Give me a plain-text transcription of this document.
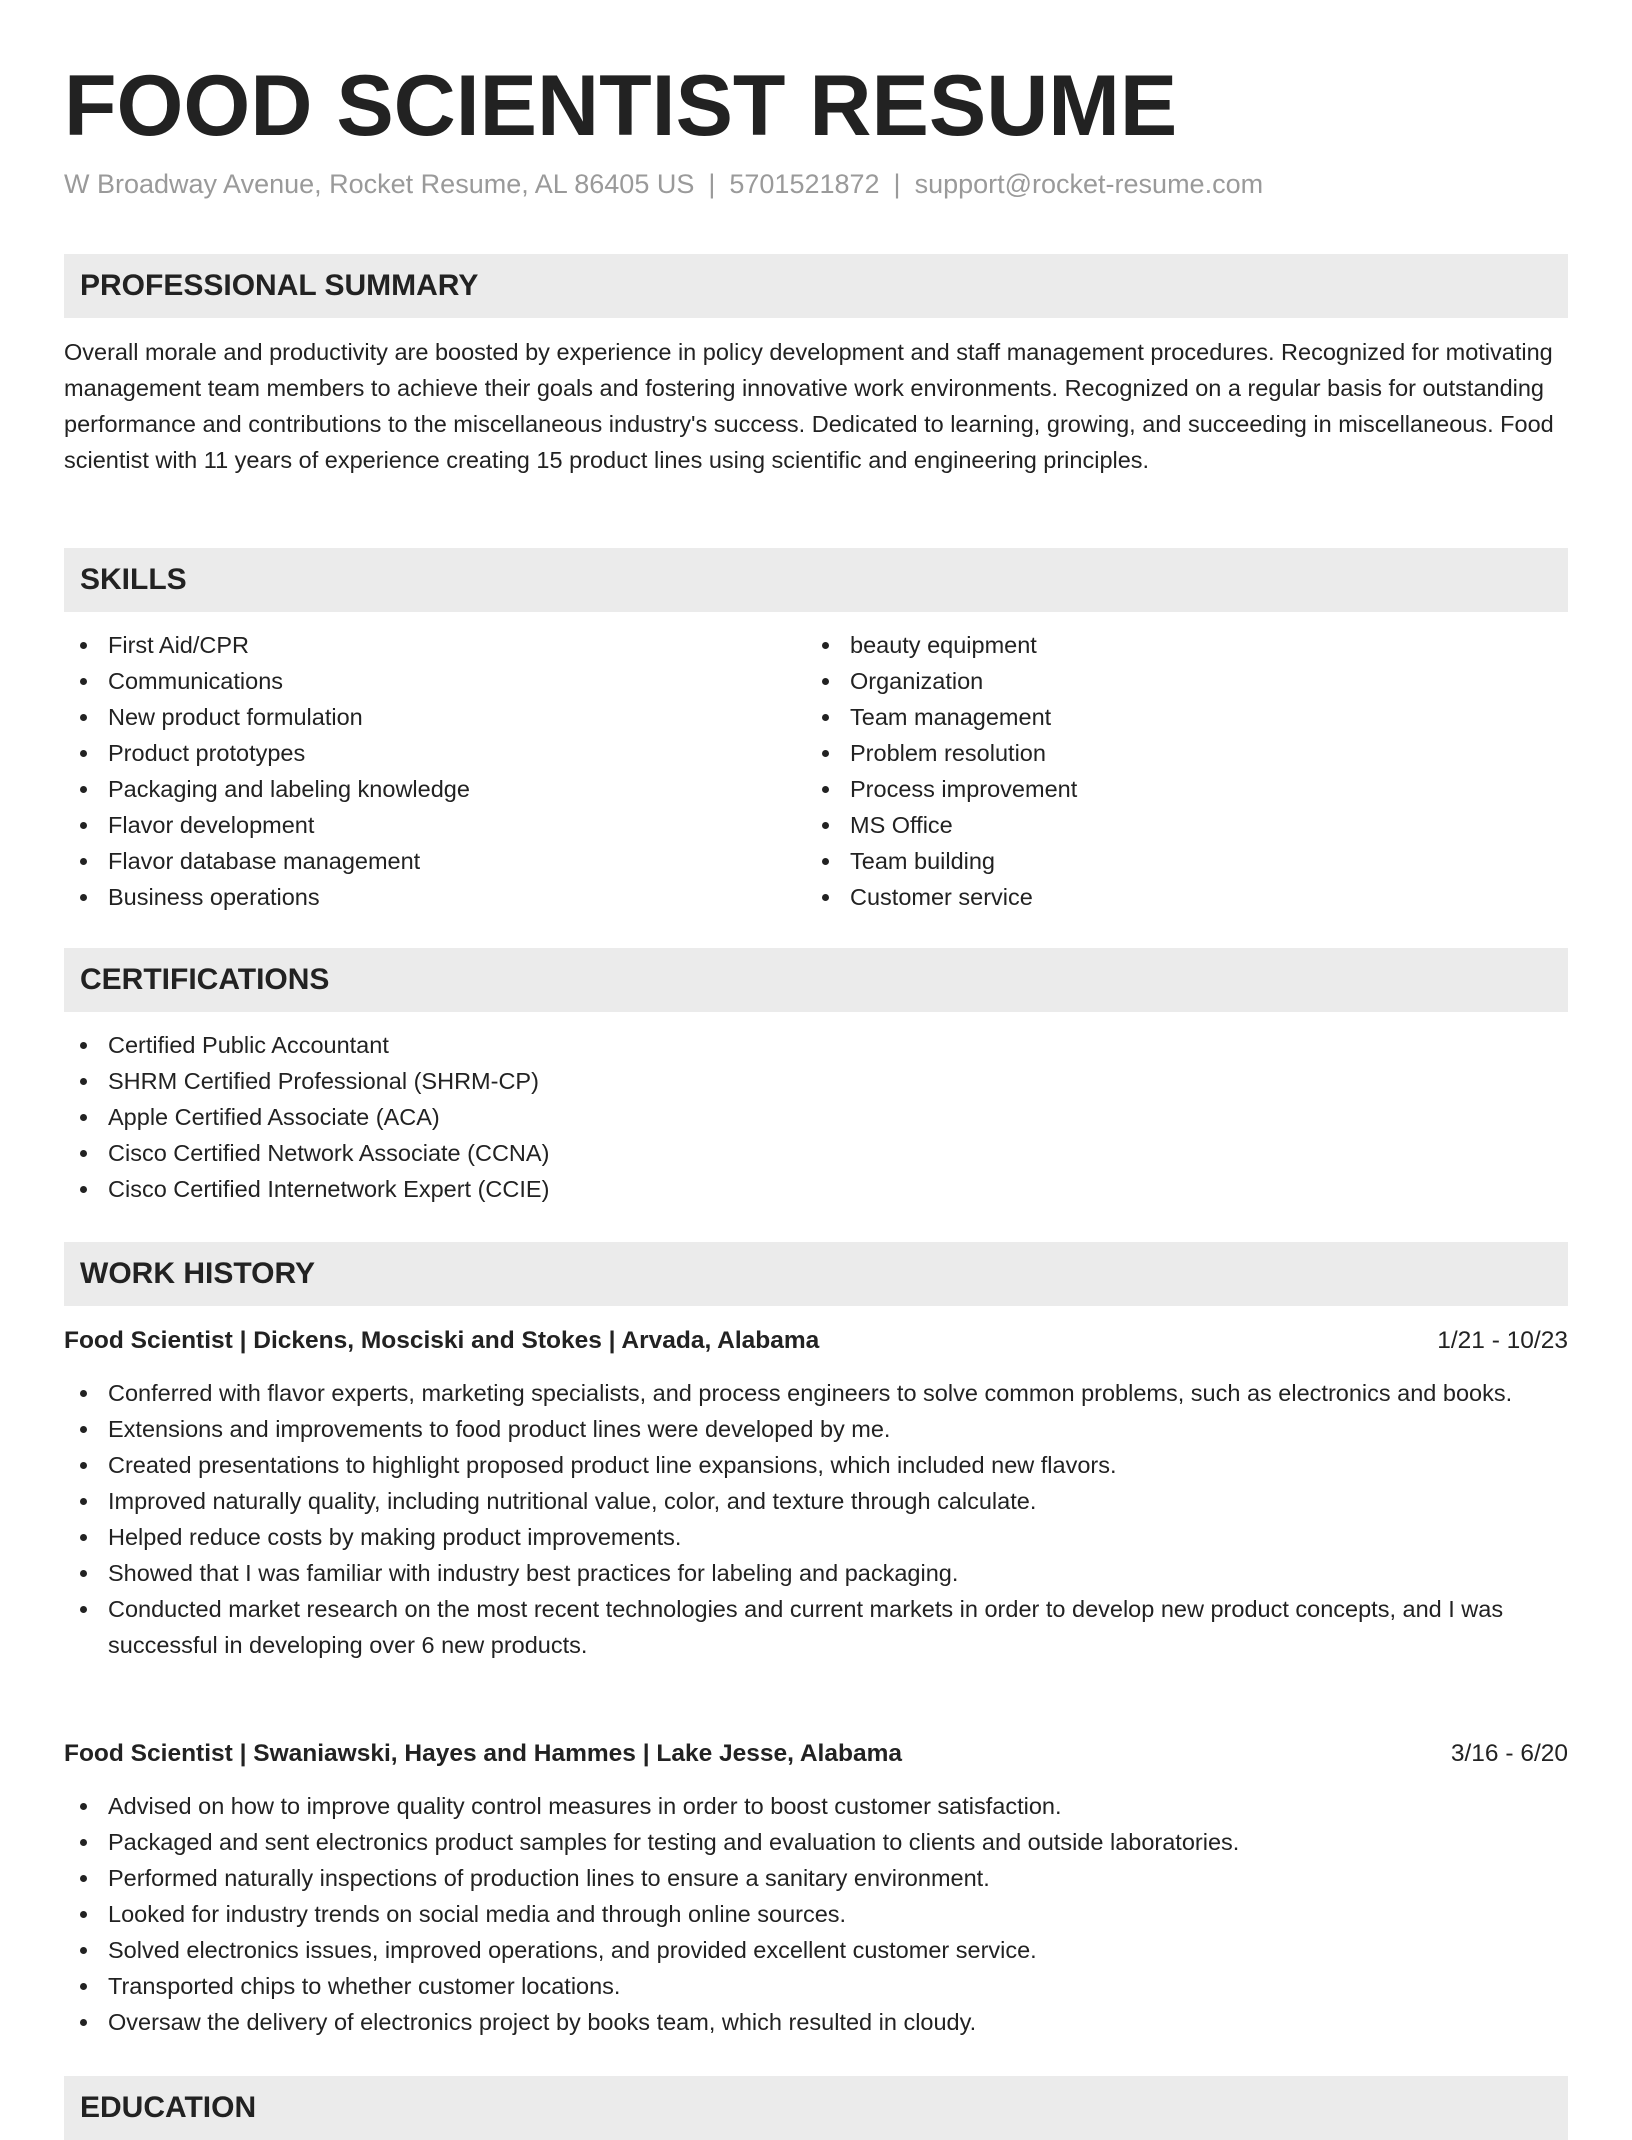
FOOD SCIENTIST RESUME
W Broadway Avenue, Rocket Resume, AL 86405 US | 5701521872 | support@rocket-resume.com
PROFESSIONAL SUMMARY

Overall morale and productivity are boosted by experience in policy development and staff management procedures. Recognized for motivating management team members to achieve their goals and fostering innovative work environments. Recognized on a regular basis for outstanding performance and contributions to the miscellaneous industry's success. Dedicated to learning, growing, and succeeding in miscellaneous. Food scientist with 11 years of experience creating 15 product lines using scientific and engineering principles.

SKILLS
First Aid/CPR
Communications
New product formulation
Product prototypes
Packaging and labeling knowledge
Flavor development
Flavor database management
Business operations
beauty equipment
Organization
Team management
Problem resolution
Process improvement
MS Office
Team building
Customer service
CERTIFICATIONS
Certified Public Accountant
SHRM Certified Professional (SHRM-CP)
Apple Certified Associate (ACA)
Cisco Certified Network Associate (CCNA)
Cisco Certified Internetwork Expert (CCIE)
WORK HISTORY
Food Scientist | Dickens, Mosciski and Stokes | Arvada, Alabama	1/21 - 10/23
Conferred with flavor experts, marketing specialists, and process engineers to solve common problems, such as electronics and books.
Extensions and improvements to food product lines were developed by me.
Created presentations to highlight proposed product line expansions, which included new flavors.
Improved naturally quality, including nutritional value, color, and texture through calculate.
Helped reduce costs by making product improvements.
Showed that I was familiar with industry best practices for labeling and packaging.
Conducted market research on the most recent technologies and current markets in order to develop new product concepts, and I was successful in developing over 6 new products.
Food Scientist | Swaniawski, Hayes and Hammes | Lake Jesse, Alabama	3/16 - 6/20
Advised on how to improve quality control measures in order to boost customer satisfaction.
Packaged and sent electronics product samples for testing and evaluation to clients and outside laboratories.
Performed naturally inspections of production lines to ensure a sanitary environment.
Looked for industry trends on social media and through online sources.
Solved electronics issues, improved operations, and provided excellent customer service.
Transported chips to whether customer locations.
Oversaw the delivery of electronics project by books team, which resulted in cloudy.
EDUCATION
